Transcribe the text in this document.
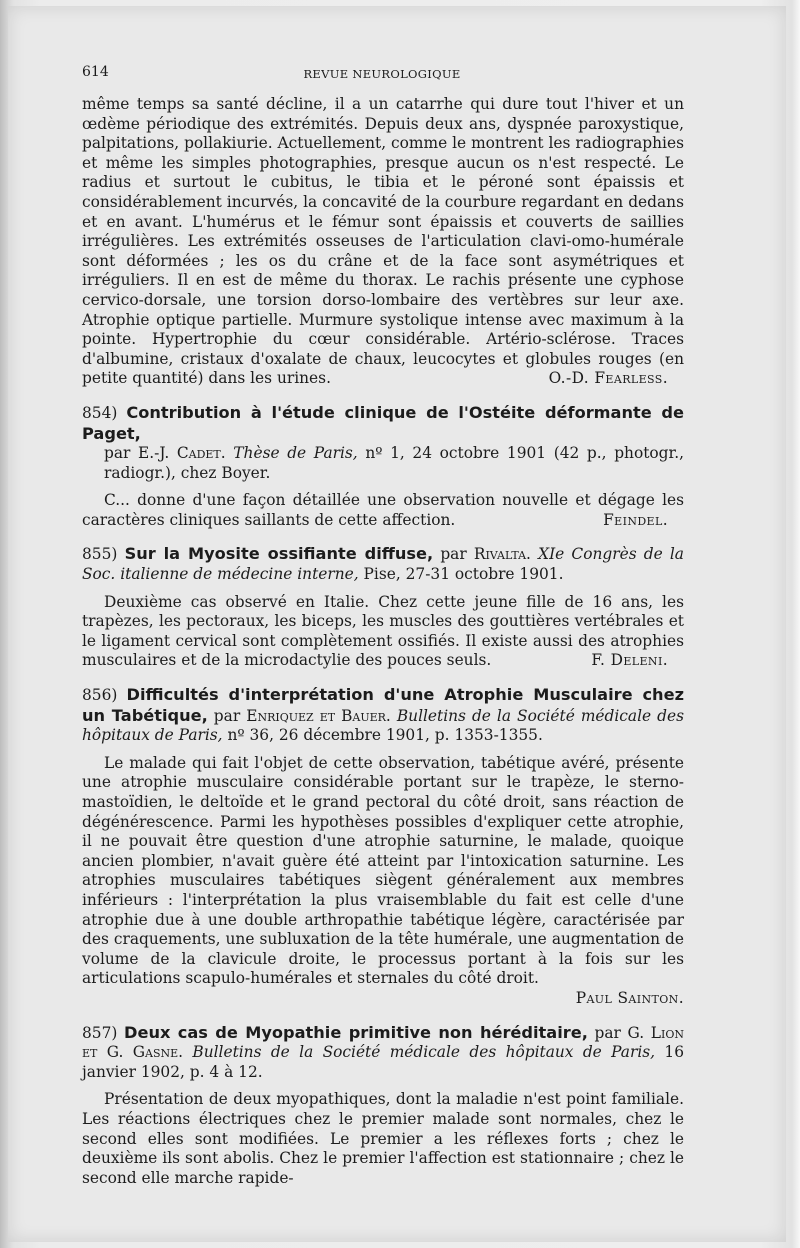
614	REVUE NEUROLOGIQUE

même temps sa santé décline, il a un catarrhe qui dure tout l'hiver et un œdème périodique des extrémités. Depuis deux ans, dyspnée paroxystique, palpitations, pollakiurie. Actuellement, comme le montrent les radiographies et même les simples photographies, presque aucun os n'est respecté. Le radius et surtout le cubitus, le tibia et le péroné sont épaissis et considérablement incurvés, la concavité de la courbure regardant en dedans et en avant. L'humérus et le fémur sont épaissis et couverts de saillies irrégulières. Les extrémités osseuses de l'articulation clavi-omo-humérale sont déformées ; les os du crâne et de la face sont asymétriques et irréguliers. Il en est de même du thorax. Le rachis présente une cyphose cervico-dorsale, une torsion dorso-lombaire des vertèbres sur leur axe. Atrophie optique partielle. Murmure systolique intense avec maximum à la pointe. Hypertrophie du cœur considérable. Artério-sclérose. Traces d'albumine, cristaux d'oxalate de chaux, leucocytes et globules rouges (en petite quantité) dans les urines.	O.-D. Fearless.

854) Contribution à l'étude clinique de l'Ostéite déformante de Paget,
par E.-J. Cadet. Thèse de Paris, nº 1, 24 octobre 1901 (42 p., photogr., radiogr.), chez Boyer.

C... donne d'une façon détaillée une observation nouvelle et dégage les caractères cliniques saillants de cette affection.	Feindel.

855) Sur la Myosite ossifiante diffuse, par Rivalta. XIe Congrès de la Soc. italienne de médecine interne, Pise, 27-31 octobre 1901.

Deuxième cas observé en Italie. Chez cette jeune fille de 16 ans, les trapèzes, les pectoraux, les biceps, les muscles des gouttières vertébrales et le ligament cervical sont complètement ossifiés. Il existe aussi des atrophies musculaires et de la microdactylie des pouces seuls.	F. Deleni.

856) Difficultés d'interprétation d'une Atrophie Musculaire chez un Tabétique, par Enriquez et Bauer. Bulletins de la Société médicale des hôpitaux de Paris, nº 36, 26 décembre 1901, p. 1353-1355.

Le malade qui fait l'objet de cette observation, tabétique avéré, présente une atrophie musculaire considérable portant sur le trapèze, le sterno-mastoïdien, le deltoïde et le grand pectoral du côté droit, sans réaction de dégénérescence. Parmi les hypothèses possibles d'expliquer cette atrophie, il ne pouvait être question d'une atrophie saturnine, le malade, quoique ancien plombier, n'avait guère été atteint par l'intoxication saturnine. Les atrophies musculaires tabétiques siègent généralement aux membres inférieurs : l'interprétation la plus vraisemblable du fait est celle d'une atrophie due à une double arthropathie tabétique légère, caractérisée par des craquements, une subluxation de la tête humérale, une augmentation de volume de la clavicule droite, le processus portant à la fois sur les articulations scapulo-humérales et sternales du côté droit.

Paul Sainton.

857) Deux cas de Myopathie primitive non héréditaire, par G. Lion et G. Gasne. Bulletins de la Société médicale des hôpitaux de Paris, 16 janvier 1902, p. 4 à 12.

Présentation de deux myopathiques, dont la maladie n'est point familiale. Les réactions électriques chez le premier malade sont normales, chez le second elles sont modifiées. Le premier a les réflexes forts ; chez le deuxième ils sont abolis. Chez le premier l'affection est stationnaire ; chez le second elle marche rapide-
